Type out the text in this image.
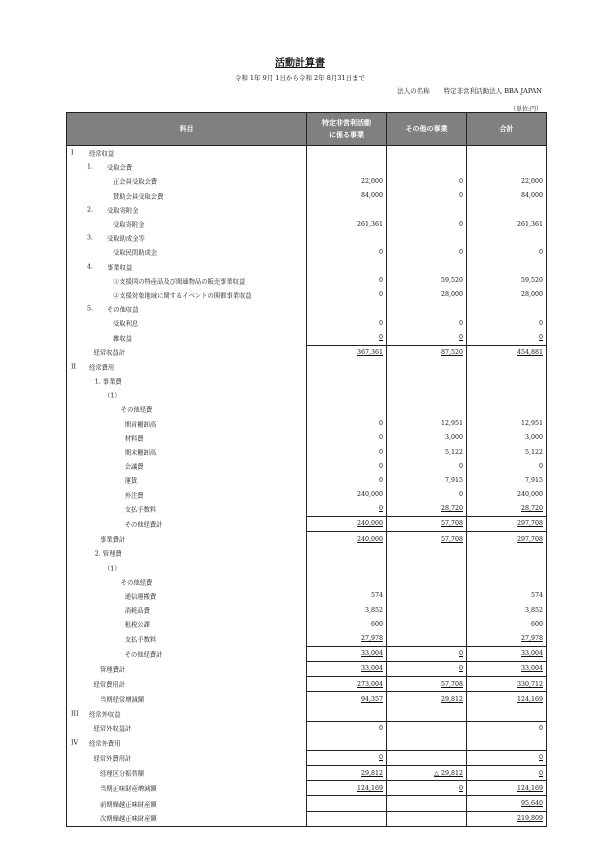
活動計算書
令和 1年 9月 1日から令和 2年 8月31日まで
法人の名称 特定非営利活動法人 BBA JAPAN
（単位:円）
科目	特定非営利活動
に係る事業	その他の事業	合計

I 経常収益			

1. 受取会費			

正会員受取会費	22,000	0	22,000

賛助会員受取会費	84,000	0	84,000

2. 受取寄附金			

受取寄附金	261,361	0	261,361

3. 受取助成金等			

受取民間助成金	0	0	0

4. 事業収益			

①支援国の特産品及び関連物品の販売事業収益	0	59,520	59,520

②支援対象地域に関するイベントの開催事業収益	0	28,000	28,000

5. その他収益			

受取利息	0	0	0

雑収益	0	0	0

経常収益計	367,361	87,520	454,881

II 経常費用			

1. 事業費			

（1）			

その他経費			

期首棚卸高	0	12,951	12,951

材料費	0	3,000	3,000

期末棚卸高	0	5,122	5,122

会議費	0	0	0

運賃	0	7,915	7,915

外注費	240,000	0	240,000

支払手数料	0	28,720	28,720

その他経費計	240,000	57,708	297,708

事業費計	240,000	57,708	297,708

2. 管理費			

（1）			

その他経費			

通信運搬費	574		574

消耗品費	3,852		3,852

租税公課	600		600

支払手数料	27,978		27,978

その他経費計	33,004	0	33,004

管理費計	33,004	0	33,004

経常費用計	273,004	57,708	330,712

当期経常増減額	94,357	29,812	124,169

III 経常外収益			

経常外収益計	0		0

IV 経常外費用			

経常外費用計	0		0

経理区分振替額	29,812	△ 29,812	0

当期正味財産増減額	124,169	0	124,169

前期繰越正味財産額			95,640

次期繰越正味財産額			219,809
